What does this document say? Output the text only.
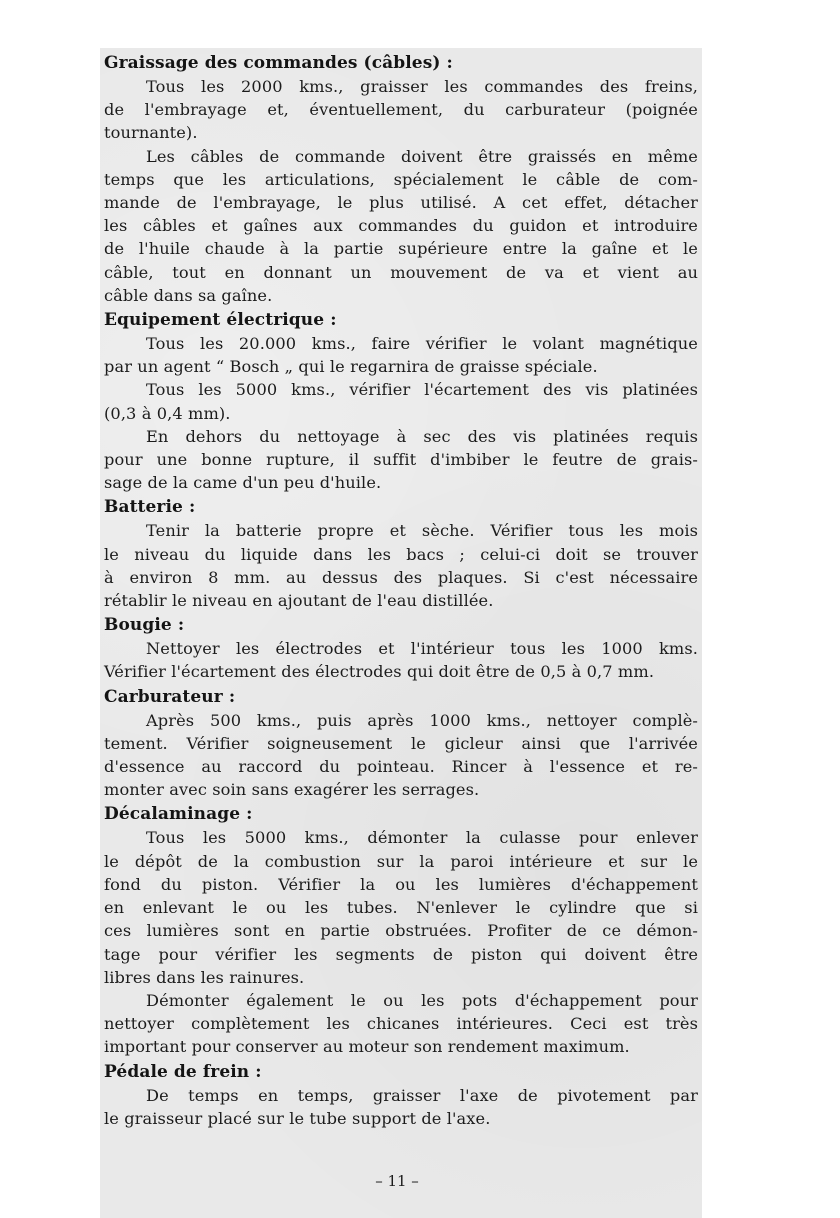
Graissage des commandes (câbles) :
Tous les 2000 kms., graisser les commandes des freins,
de l'embrayage et, éventuellement, du carburateur (poignée
tournante).
Les câbles de commande doivent être graissés en même
temps que les articulations, spécialement le câble de com-
mande de l'embrayage, le plus utilisé. A cet effet, détacher
les câbles et gaînes aux commandes du guidon et introduire
de l'huile chaude à la partie supérieure entre la gaîne et le
câble, tout en donnant un mouvement de va et vient au
câble dans sa gaîne.
Equipement électrique :
Tous les 20.000 kms., faire vérifier le volant magnétique
par un agent “ Bosch „ qui le regarnira de graisse spéciale.
Tous les 5000 kms., vérifier l'écartement des vis platinées
(0,3 à 0,4 mm).
En dehors du nettoyage à sec des vis platinées requis
pour une bonne rupture, il suffit d'imbiber le feutre de grais-
sage de la came d'un peu d'huile.
Batterie :
Tenir la batterie propre et sèche. Vérifier tous les mois
le niveau du liquide dans les bacs ; celui-ci doit se trouver
à environ 8 mm. au dessus des plaques. Si c'est nécessaire
rétablir le niveau en ajoutant de l'eau distillée.
Bougie :
Nettoyer les électrodes et l'intérieur tous les 1000 kms.
Vérifier l'écartement des électrodes qui doit être de 0,5 à 0,7 mm.
Carburateur :
Après 500 kms., puis après 1000 kms., nettoyer complè-
tement. Vérifier soigneusement le gicleur ainsi que l'arrivée
d'essence au raccord du pointeau. Rincer à l'essence et re-
monter avec soin sans exagérer les serrages.
Décalaminage :
Tous les 5000 kms., démonter la culasse pour enlever
le dépôt de la combustion sur la paroi intérieure et sur le
fond du piston. Vérifier la ou les lumières d'échappement
en enlevant le ou les tubes. N'enlever le cylindre que si
ces lumières sont en partie obstruées. Profiter de ce démon-
tage pour vérifier les segments de piston qui doivent être
libres dans les rainures.
Démonter également le ou les pots d'échappement pour
nettoyer complètement les chicanes intérieures. Ceci est très
important pour conserver au moteur son rendement maximum.
Pédale de frein :
De temps en temps, graisser l'axe de pivotement par
le graisseur placé sur le tube support de l'axe.
– 11 –
